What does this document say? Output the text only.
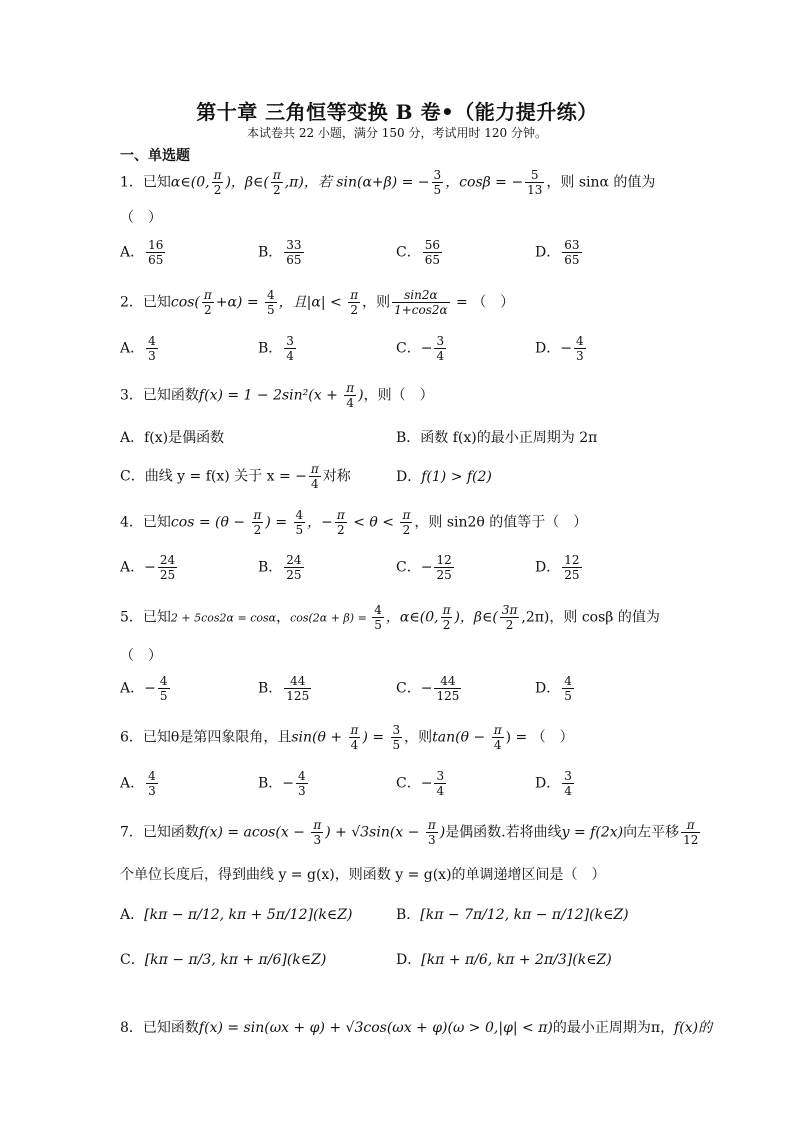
第十章 三角恒等变换 B 卷•（能力提升练）
本试卷共 22 小题，满分 150 分，考试用时 120 分钟。
一、单选题
1．已知α∈(0, $\frac{\pi}{2}$ )，β∈( $\frac{\pi}{2} ,\pi$)，若 sin(α+β) = − $\frac{3}{5}$ ，cosβ = − $\frac{5}{13}$ ，则 sinα 的值为
（　）
A． $\frac{16}{65}$	B． $\frac{33}{65}$	C． $\frac{56}{65}$	D． $\frac{63}{65}$
2．已知$\cos( \frac{\pi}{2} +\alpha) = \frac{4}{5}$ ，且$|\alpha| < \frac{\pi}{2}$ ，则 $\frac{\sin 2\alpha}{1+\cos 2\alpha}$ = （　）
A． $\frac{4}{3}$	B． $\frac{3}{4}$	C．− $\frac{3}{4}$	D．− $\frac{4}{3}$
3．已知函数$f(x) = 1 - 2\sin^2(x + \frac{\pi}{4}$ )，则（　）
A．f(x)是偶函数	B．函数 f(x)的最小正周期为 2π
C．曲线 y = f(x) 关于 x = − $\frac{\pi}{4}$ 对称	D．f(1) > f(2)
4．已知$\cos = (\theta - \frac{\pi}{2}$ ) = $\frac{4}{5}$ ，− $\frac{\pi}{2} < \theta < \frac{\pi}{2}$ ，则 sin2θ 的值等于（　）
A．− $\frac{24}{25}$	B． $\frac{24}{25}$	C．− $\frac{12}{25}$	D． $\frac{12}{25}$
5．已知2 + 5cos2α = cosα，$\cos(2\alpha + \beta) = \frac{4}{5}$ ，α∈(0, $\frac{\pi}{2}$ )，β∈( $\frac{3\pi}{2} ,2\pi$)，则 cosβ 的值为
（　）
A．− $\frac{4}{5}$	B． $\frac{44}{125}$	C．− $\frac{44}{125}$	D． $\frac{4}{5}$
6．已知θ是第四象限角，且$\sin(\theta + \frac{\pi}{4}$ ) = $\frac{3}{5}$ ，则$\tan(\theta - \frac{\pi}{4}$ ) = （　）
A． $\frac{4}{3}$	B．− $\frac{4}{3}$	C．− $\frac{3}{4}$	D． $\frac{3}{4}$
7．已知函数$f(x) = acos(x - \frac{\pi}{3}$ ) + $√3\sin(x - \frac{\pi}{3}$ )是偶函数.若将曲线y = f(2x)向左平移 $\frac{\pi}{12}$
个单位长度后，得到曲线 y = g(x)，则函数 y = g(x)的单调递增区间是（　）
A．[kπ − π/12, kπ + 5π/12](k∈Z)	B．[kπ − 7π/12, kπ − π/12](k∈Z)
C．[kπ − π/3, kπ + π/6](k∈Z)	D．[kπ + π/6, kπ + 2π/3](k∈Z)
8．已知函数f(x) = sin(ωx + φ) + √3cos(ωx + φ)(ω > 0,|φ| < π)的最小正周期为π，f(x)的
